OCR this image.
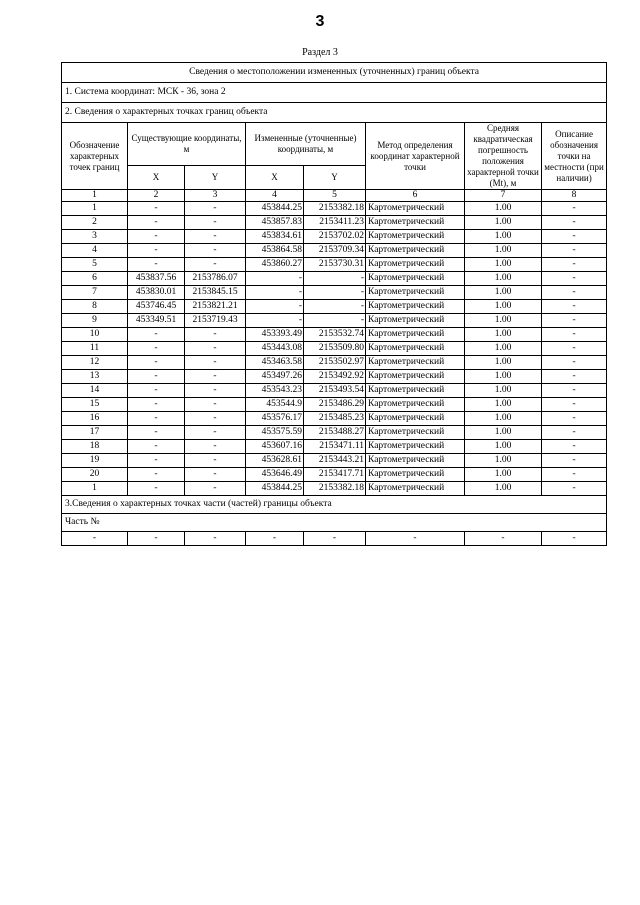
3
Раздел 3
Сведения о местоположении измененных (уточненных) границ объекта							
1. Система координат: МСК - 36, зона 2							
2. Сведения о характерных точках границ объекта							
Обозначение характерных точек границ	Существующие координаты, м		Измененные (уточненные) координаты, м		Метод определения координат характерной точки	Средняя квадратическая погрешность положения характерной точки (Mt), м	Описание обозначения точки на местности (при наличии)
	X	Y	X	Y			
1	2	3	4	5	6	7	8
1	-	-	453844.25	2153382.18	Картометрический	1.00	-
2	-	-	453857.83	2153411.23	Картометрический	1.00	-
3	-	-	453834.61	2153702.02	Картометрический	1.00	-
4	-	-	453864.58	2153709.34	Картометрический	1.00	-
5	-	-	453860.27	2153730.31	Картометрический	1.00	-
6	453837.56	2153786.07	-	-	Картометрический	1.00	-
7	453830.01	2153845.15	-	-	Картометрический	1.00	-
8	453746.45	2153821.21	-	-	Картометрический	1.00	-
9	453349.51	2153719.43	-	-	Картометрический	1.00	-
10	-	-	453393.49	2153532.74	Картометрический	1.00	-
11	-	-	453443.08	2153509.80	Картометрический	1.00	-
12	-	-	453463.58	2153502.97	Картометрический	1.00	-
13	-	-	453497.26	2153492.92	Картометрический	1.00	-
14	-	-	453543.23	2153493.54	Картометрический	1.00	-
15	-	-	453544.9	2153486.29	Картометрический	1.00	-
16	-	-	453576.17	2153485.23	Картометрический	1.00	-
17	-	-	453575.59	2153488.27	Картометрический	1.00	-
18	-	-	453607.16	2153471.11	Картометрический	1.00	-
19	-	-	453628.61	2153443.21	Картометрический	1.00	-
20	-	-	453646.49	2153417.71	Картометрический	1.00	-
1	-	-	453844.25	2153382.18	Картометрический	1.00	-
3.Сведения о характерных точках части (частей) границы объекта							
Часть №							
-	-	-	-	-	-	-	-
